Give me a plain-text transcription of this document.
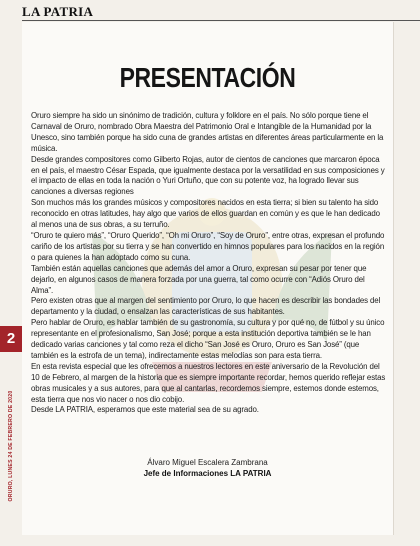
LA PATRIA
2
ORURO, LUNES 24 DE FEBRERO DE 2020
PRESENTACIÓN

Oruro siempre ha sido un sinónimo de tradición, cultura y folklore en el país. No sólo porque tiene el Carnaval de Oruro, nombrado Obra Maestra del Patrimonio Oral e Intangible de la Humanidad por la Unesco, sino también porque ha sido cuna de grandes artistas en diferentes áreas particularmente en la música.

Desde grandes compositores como Gilberto Rojas, autor de cientos de canciones que marcaron época en el país, el maestro César Espada, que igualmente destaca por la versatilidad en sus composiciones y el impacto de ellas en toda la nación o Yuri Ortuño, que con su potente voz, ha logrado llevar sus canciones a diversas regiones

Son muchos más los grandes músicos y compositores nacidos en esta tierra; si bien su talento ha sido reconocido en otras latitudes, hay algo que varios de ellos guardan en común y es que le han dedicado al menos una de sus obras, a su terruño.

“Oruro te quiero más”, “Oruro Querido”, “Oh mi Oruro”, “Soy de Oruro”, entre otras, expresan el profundo cariño de los artistas por su tierra y se han convertido en himnos populares para los nacidos en la región o para quienes la han adoptado como su cuna.

También están aquellas canciones que además del amor a Oruro, expresan su pesar por tener que dejarlo, en algunos casos de manera forzada por una guerra, tal como ocurre con “Adiós Oruro del Alma”.

Pero existen otras que al margen del sentimiento por Oruro, lo que hacen es describir las bondades del departamento y la ciudad, o ensalzan las características de sus habitantes.

Pero hablar de Oruro, es hablar también de su gastronomía, su cultura y por qué no, de fútbol y su único representante en el profesionalismo, San José; porque a esta institución deportiva también se le han dedicado varias canciones y tal como reza el dicho “San José es Oruro, Oruro es San José” (que también es la estrofa de un tema), indirectamente estas melodías son para esta tierra.

En esta revista especial que les ofrecemos a nuestros lectores en este aniversario de la Revolución del 10 de Febrero, al margen de la historia que es siempre importante recordar, hemos querido reflejar estas obras musicales y a sus autores, para que al cantarlas, recordemos siempre, estemos donde estemos, esta tierra que nos vio nacer o nos dio cobijo.

Desde LA PATRIA, esperamos que este material sea de su agrado.

Álvaro Miguel Escalera Zambrana
Jefe de Informaciones LA PATRIA
